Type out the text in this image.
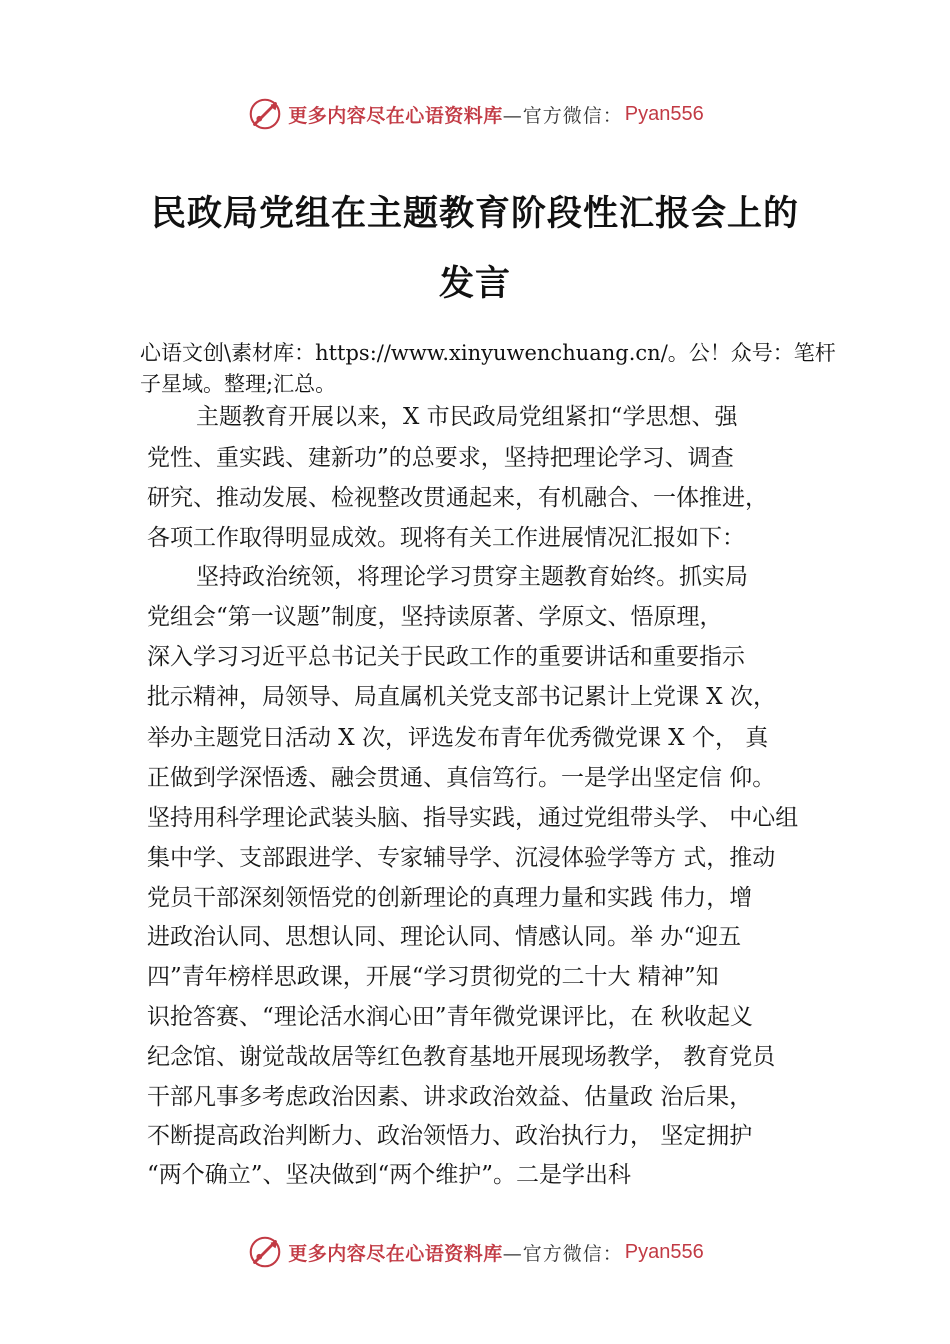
更多内容尽在心语资料库 —官方微信： Pyan556
民政局党组在主题教育阶段性汇报会上的
发言
心语文创\素材库：https://www.xinyuwenchuang.cn/。公！众号：笔杆子星域。整理;汇总。
主题教育开展以来，X 市民政局党组紧扣“学思想、强
党性、重实践、建新功”的总要求，坚持把理论学习、调查
研究、推动发展、检视整改贯通起来，有机融合、一体推进，
各项工作取得明显成效。现将有关工作进展情况汇报如下：
坚持政治统领，将理论学习贯穿主题教育始终。抓实局
党组会“第一议题”制度，坚持读原著、学原文、悟原理，
深入学习习近平总书记关于民政工作的重要讲话和重要指示
批示精神，局领导、局直属机关党支部书记累计上党课 X 次，
举办主题党日活动 X 次，评选发布青年优秀微党课 X 个， 真
正做到学深悟透、融会贯通、真信笃行。一是学出坚定信 仰。
坚持用科学理论武装头脑、指导实践，通过党组带头学、 中心组
集中学、支部跟进学、专家辅导学、沉浸体验学等方 式，推动
党员干部深刻领悟党的创新理论的真理力量和实践 伟力，增
进政治认同、思想认同、理论认同、情感认同。举 办“迎五
四”青年榜样思政课，开展“学习贯彻党的二十大 精神”知
识抢答赛、“理论活水润心田”青年微党课评比，在 秋收起义
纪念馆、谢觉哉故居等红色教育基地开展现场教学， 教育党员
干部凡事多考虑政治因素、讲求政治效益、估量政 治后果，
不断提高政治判断力、政治领悟力、政治执行力， 坚定拥护
“两个确立”、坚决做到“两个维护”。二是学出科
更多内容尽在心语资料库 —官方微信： Pyan556
